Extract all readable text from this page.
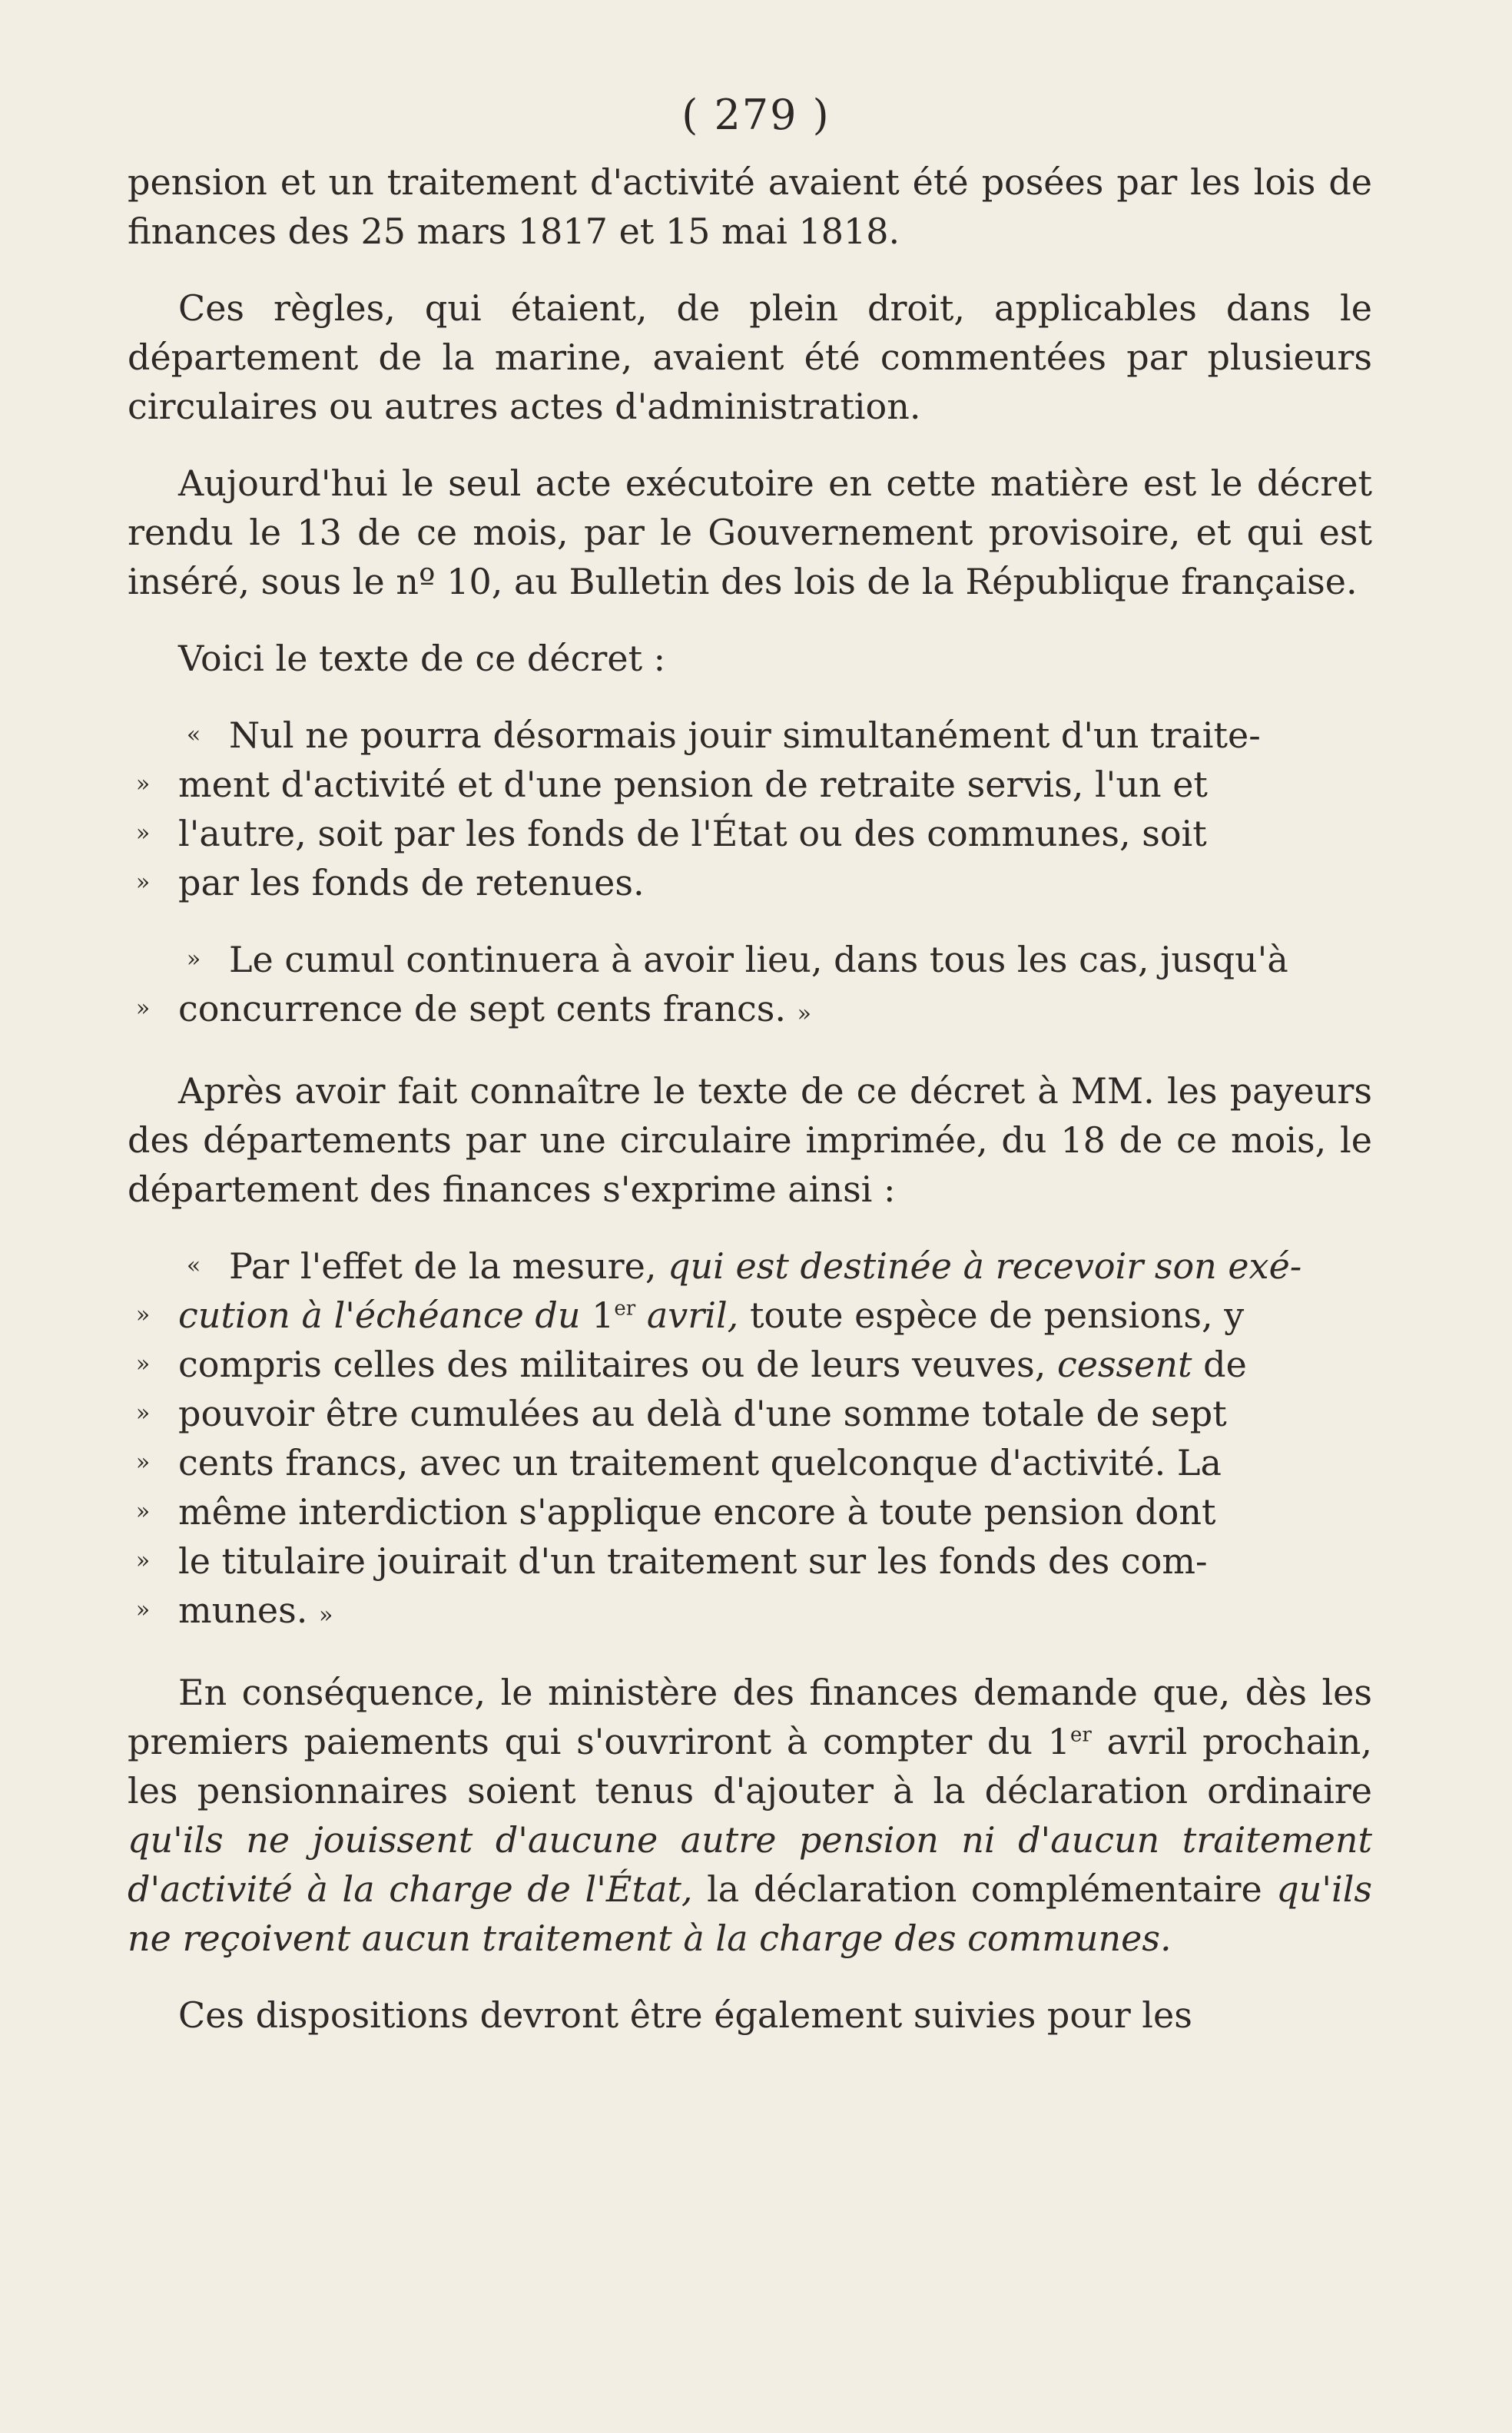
( 279 )

pension et un traitement d'activité avaient été posées par les lois de finances des 25 mars 1817 et 15 mai 1818.

Ces règles, qui étaient, de plein droit, applicables dans le département de la marine, avaient été commentées par plusieurs circulaires ou autres actes d'administration.

Aujourd'hui le seul acte exécutoire en cette matière est le décret rendu le 13 de ce mois, par le Gouvernement provisoire, et qui est inséré, sous le nº 10, au Bulletin des lois de la République française.

Voici le texte de ce décret :

« Nul ne pourra désormais jouir simultanément d'un traite-
» ment d'activité et d'une pension de retraite servis, l'un et
» l'autre, soit par les fonds de l'État ou des communes, soit
» par les fonds de retenues.
» Le cumul continuera à avoir lieu, dans tous les cas, jusqu'à
» concurrence de sept cents francs. »

Après avoir fait connaître le texte de ce décret à MM. les payeurs des départements par une circulaire imprimée, du 18 de ce mois, le département des finances s'exprime ainsi :

« Par l'effet de la mesure, qui est destinée à recevoir son exé-
» cution à l'échéance du 1er avril, toute espèce de pensions, y
» compris celles des militaires ou de leurs veuves, cessent de
» pouvoir être cumulées au delà d'une somme totale de sept
» cents francs, avec un traitement quelconque d'activité. La
» même interdiction s'applique encore à toute pension dont
» le titulaire jouirait d'un traitement sur les fonds des com-
» munes. »

En conséquence, le ministère des finances demande que, dès les premiers paiements qui s'ouvriront à compter du 1er avril prochain, les pensionnaires soient tenus d'ajouter à la déclaration ordinaire qu'ils ne jouissent d'aucune autre pension ni d'aucun traitement d'activité à la charge de l'État, la déclaration complémentaire qu'ils ne reçoivent aucun traitement à la charge des communes.

Ces dispositions devront être également suivies pour les
